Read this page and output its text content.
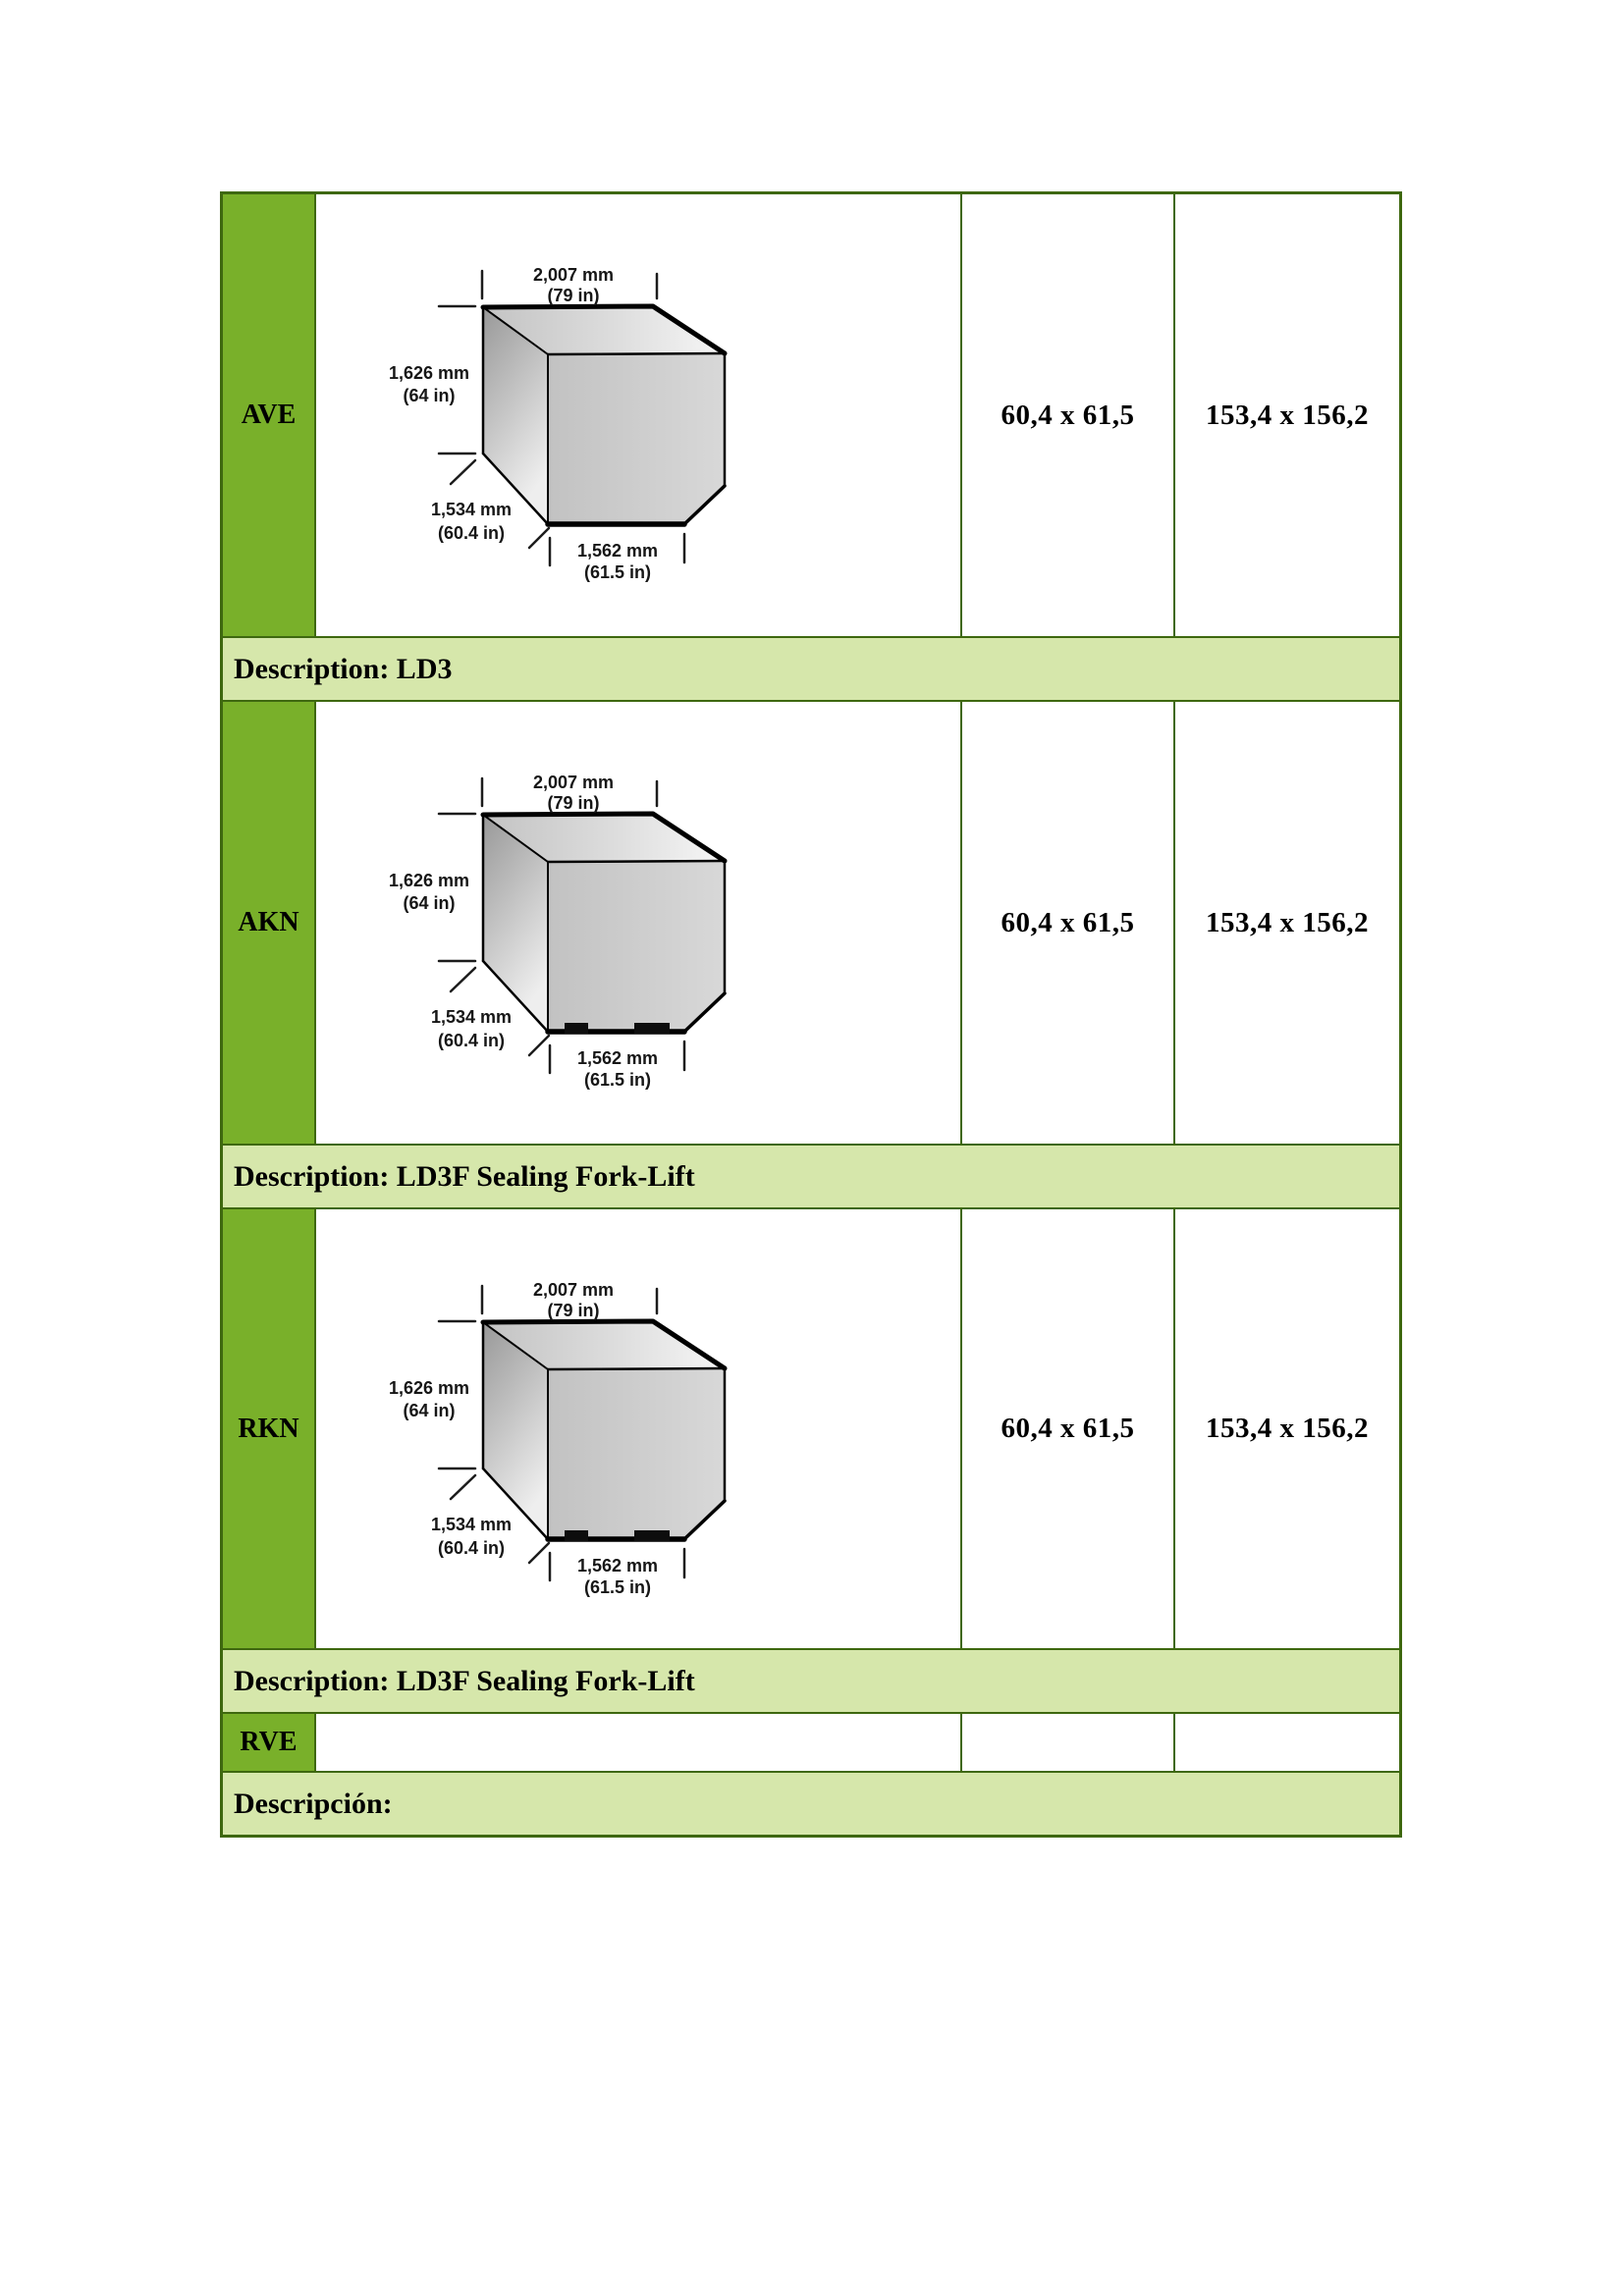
AVE
2,007 mm
(79 in)
1,626 mm
(64 in)
1,534 mm
(60.4 in)
1,562 mm
(61.5 in)
60,4 x 61,5	153,4 x 156,2
Description: LD3
AKN
2,007 mm
(79 in)
1,626 mm
(64 in)
1,534 mm
(60.4 in)
1,562 mm
(61.5 in)
60,4 x 61,5	153,4 x 156,2
Description: LD3F Sealing Fork-Lift
RKN
2,007 mm
(79 in)
1,626 mm
(64 in)
1,534 mm
(60.4 in)
1,562 mm
(61.5 in)
60,4 x 61,5	153,4 x 156,2
Description: LD3F Sealing Fork-Lift
RVE
Descripción:
